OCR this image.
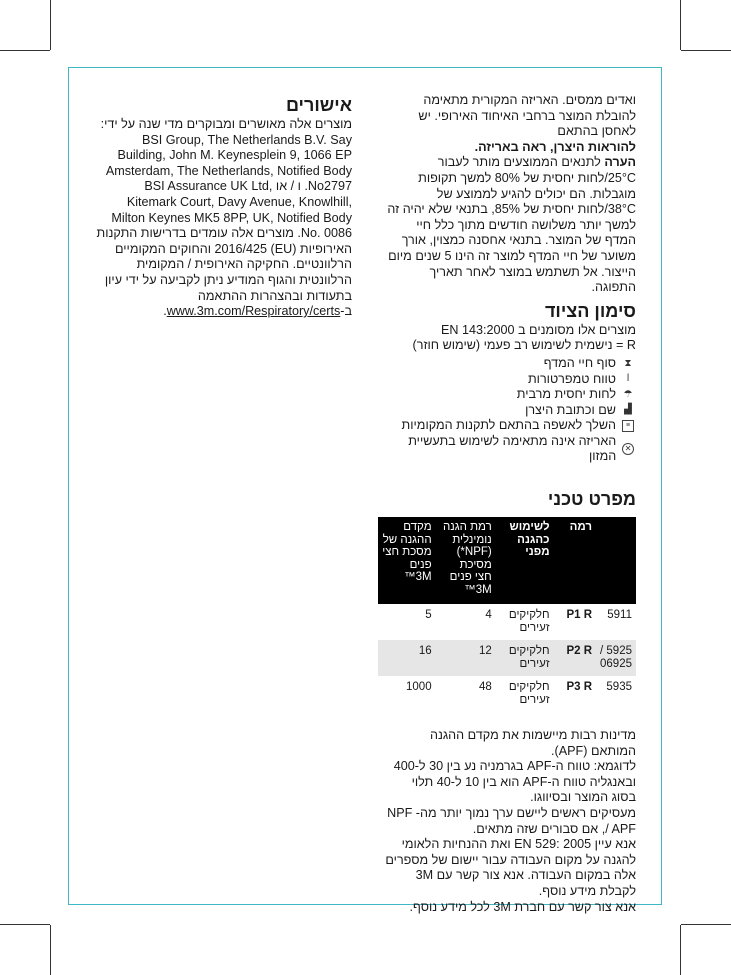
ואדים ממסים. האריזה המקורית מתאימה להובלת המוצר ברחבי האיחוד האירופי. יש לאחסן בהתאם

להוראות היצרן, ראה באריזה.

הערה לתנאים הממוצעים מותר לעבור 25°C/לחות יחסית של 80% למשך תקופות מוגבלות. הם יכולים להגיע לממוצע של 38°C/לחות יחסית של 85%, בתנאי שלא יהיה זה למשך יותר משלושה חודשים מתוך כלל חיי המדף של המוצר. בתנאי אחסנה כמצוין, אורך משוער של חיי המדף למוצר זה הינו 5 שנים מיום הייצור. אל תשתמש במוצר לאחר תאריך התפוגה.

סימון הציוד

מוצרים אלו מסומנים ב EN 143:2000

R = נישמית לשימוש רב פעמי (שימוש חוזר)

⧗
סוף חיי המדף
ǀ
טווח טמפרטורות
☂
לחות יחסית מרבית
▟
שם וכתובת היצרן
≡
השלך לאשפה בהתאם לתקנות המקומיות
✕
האריזה אינה מתאימה לשימוש בתעשיית המזון
מפרט טכני
	רמה	לשימוש כהגנה מפני	רמת הגנה נומינלית (NPF*) מסיכת חצי פנים 3M™	מקדם ההגנה של מסכת חצי פנים 3M™
5911	P1 R	חלקיקים זעירים	4	5
5925 / 06925	P2 R	חלקיקים זעירים	12	16
5935	P3 R	חלקיקים זעירים	48	1000

מדינות רבות מיישמות את מקדם ההגנה המותאם (APF).

לדוגמא: טווח ה-APF בגרמניה נע בין 30 ל-400 ובאנגליה טווח ה-APF הוא בין 10 ל-40 תלוי בסוג המוצר ובסיווגו.

מעסיקים ראשים ליישם ערך נמוך יותר מה- NPF / APF, אם סבורים שזה מתאים.

אנא עיין EN 529: 2005 ואת ההנחיות הלאומי להגנה על מקום העבודה עבור יישום של מספרים אלה במקום העבודה. אנא צור קשר עם 3M לקבלת מידע נוסף.

אנא צור קשר עם חברת 3M לכל מידע נוסף.

אישורים

מוצרים אלה מאושרים ומבוקרים מדי שנה על ידי: BSI Group, The Netherlands B.V. Say Building, John M. Keynesplein 9, 1066 EP Amsterdam, The Netherlands, Notified Body No2797. ו / או BSI Assurance UK Ltd, Kitemark Court, Davy Avenue, Knowlhill, Milton Keynes MK5 8PP, UK, Notified Body No. 0086. מוצרים אלה עומדים בדרישות התקנות האירופיות (EU) 2016/425 והחוקים המקומיים הרלוונטיים. החקיקה האירופית / המקומית הרלוונטית והגוף המודיע ניתן לקביעה על ידי עיון בתעודות ובהצהרות ההתאמה

ב-www.3m.com/Respiratory/certs.
